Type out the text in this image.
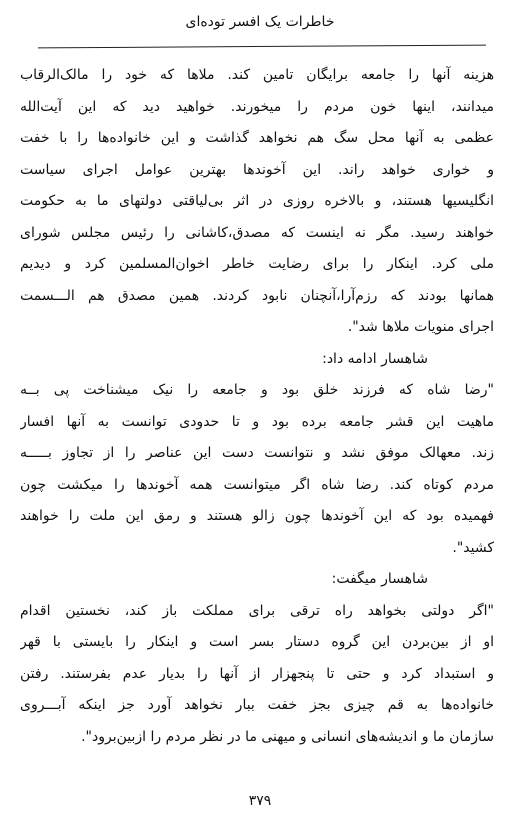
خاطرات یک افسر توده‌ای
هزینه آنها را جامعه برایگان تامین کند. ملاها که خود را مالک‌الرقاب
میدانند، اینها خون مردم را میخورند. خواهید دید که این آیت‌الله
عظمی به آنها محل سگ هم نخواهد گذاشت و این خانواده‌ها را با خفت
و خواری خواهد راند. این آخوندها بهترین عوامل اجرای سیاست
انگلیسیها هستند، و بالاخره روزی در اثر بی‌لیاقتی دولتهای ما به حکومت
خواهند رسید. مگر نه اینست که مصدق،کاشانی را رئیس مجلس شورای
ملی کرد. اینکار را برای رضایت خاطر اخوان‌المسلمین کرد و دیدیم
همانها بودند که رزم‌آرا،آنچنان نابود کردند. همین مصدق هم الـــسمت
اجرای منویات ملاها شد".
شاهسار ادامه داد:
"رضا شاه که فرزند خلق بود و جامعه را نیک میشناخت پی بــه
ماهیت این قشر جامعه برده بود و تا حدودی توانست به آنها افسار
زند. معهالک موفق نشد و نتوانست دست این عناصر را از تجاوز بـــــه
مردم کوتاه کند. رضا شاه اگر میتوانست همه آخوندها را میکشت چون
فهمیده بود که این آخوندها چون زالو هستند و رمق این ملت را خواهند
کشید".
شاهسار میگفت:
"اگر دولتی بخواهد راه ترقی برای مملکت باز کند، نخستین اقدام
او از بین‌بردن این گروه دستار بسر است و اینکار را بایستی با قهر
و استبداد کرد و حتی تا پنجهزار از آنها را بدیار عدم بفرستند. رفتن
خانواده‌ها به قم چیزی بجز خفت ببار نخواهد آورد جز اینکه آبـــروی
سازمان ما و اندیشه‌های انسانی و میهنی ما در نظر مردم را ازبین‌برود".
۳۷۹
